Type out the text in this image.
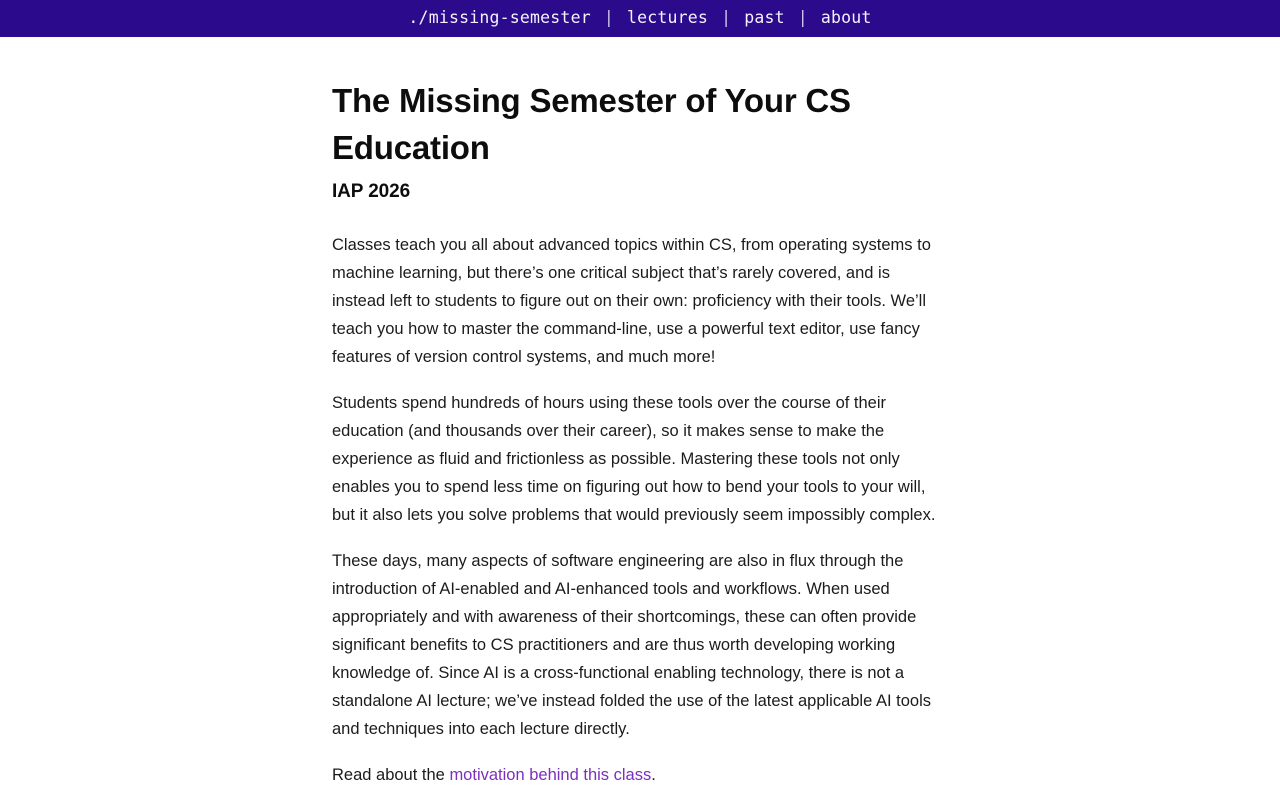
./missing-semester | lectures | past | about
The Missing Semester of Your CS Education
IAP 2026

Classes teach you all about advanced topics within CS, from operating systems to machine learning, but there’s one critical subject that’s rarely covered, and is instead left to students to figure out on their own: proficiency with their tools. We’ll teach you how to master the command-line, use a powerful text editor, use fancy features of version control systems, and much more!

Students spend hundreds of hours using these tools over the course of their education (and thousands over their career), so it makes sense to make the experience as fluid and frictionless as possible. Mastering these tools not only enables you to spend less time on figuring out how to bend your tools to your will, but it also lets you solve problems that would previously seem impossibly complex.

These days, many aspects of software engineering are also in flux through the introduction of AI-enabled and AI-enhanced tools and workflows. When used appropriately and with awareness of their shortcomings, these can often provide significant benefits to CS practitioners and are thus worth developing working knowledge of. Since AI is a cross-functional enabling technology, there is not a standalone AI lecture; we’ve instead folded the use of the latest applicable AI tools and techniques into each lecture directly.

Read about the motivation behind this class.
